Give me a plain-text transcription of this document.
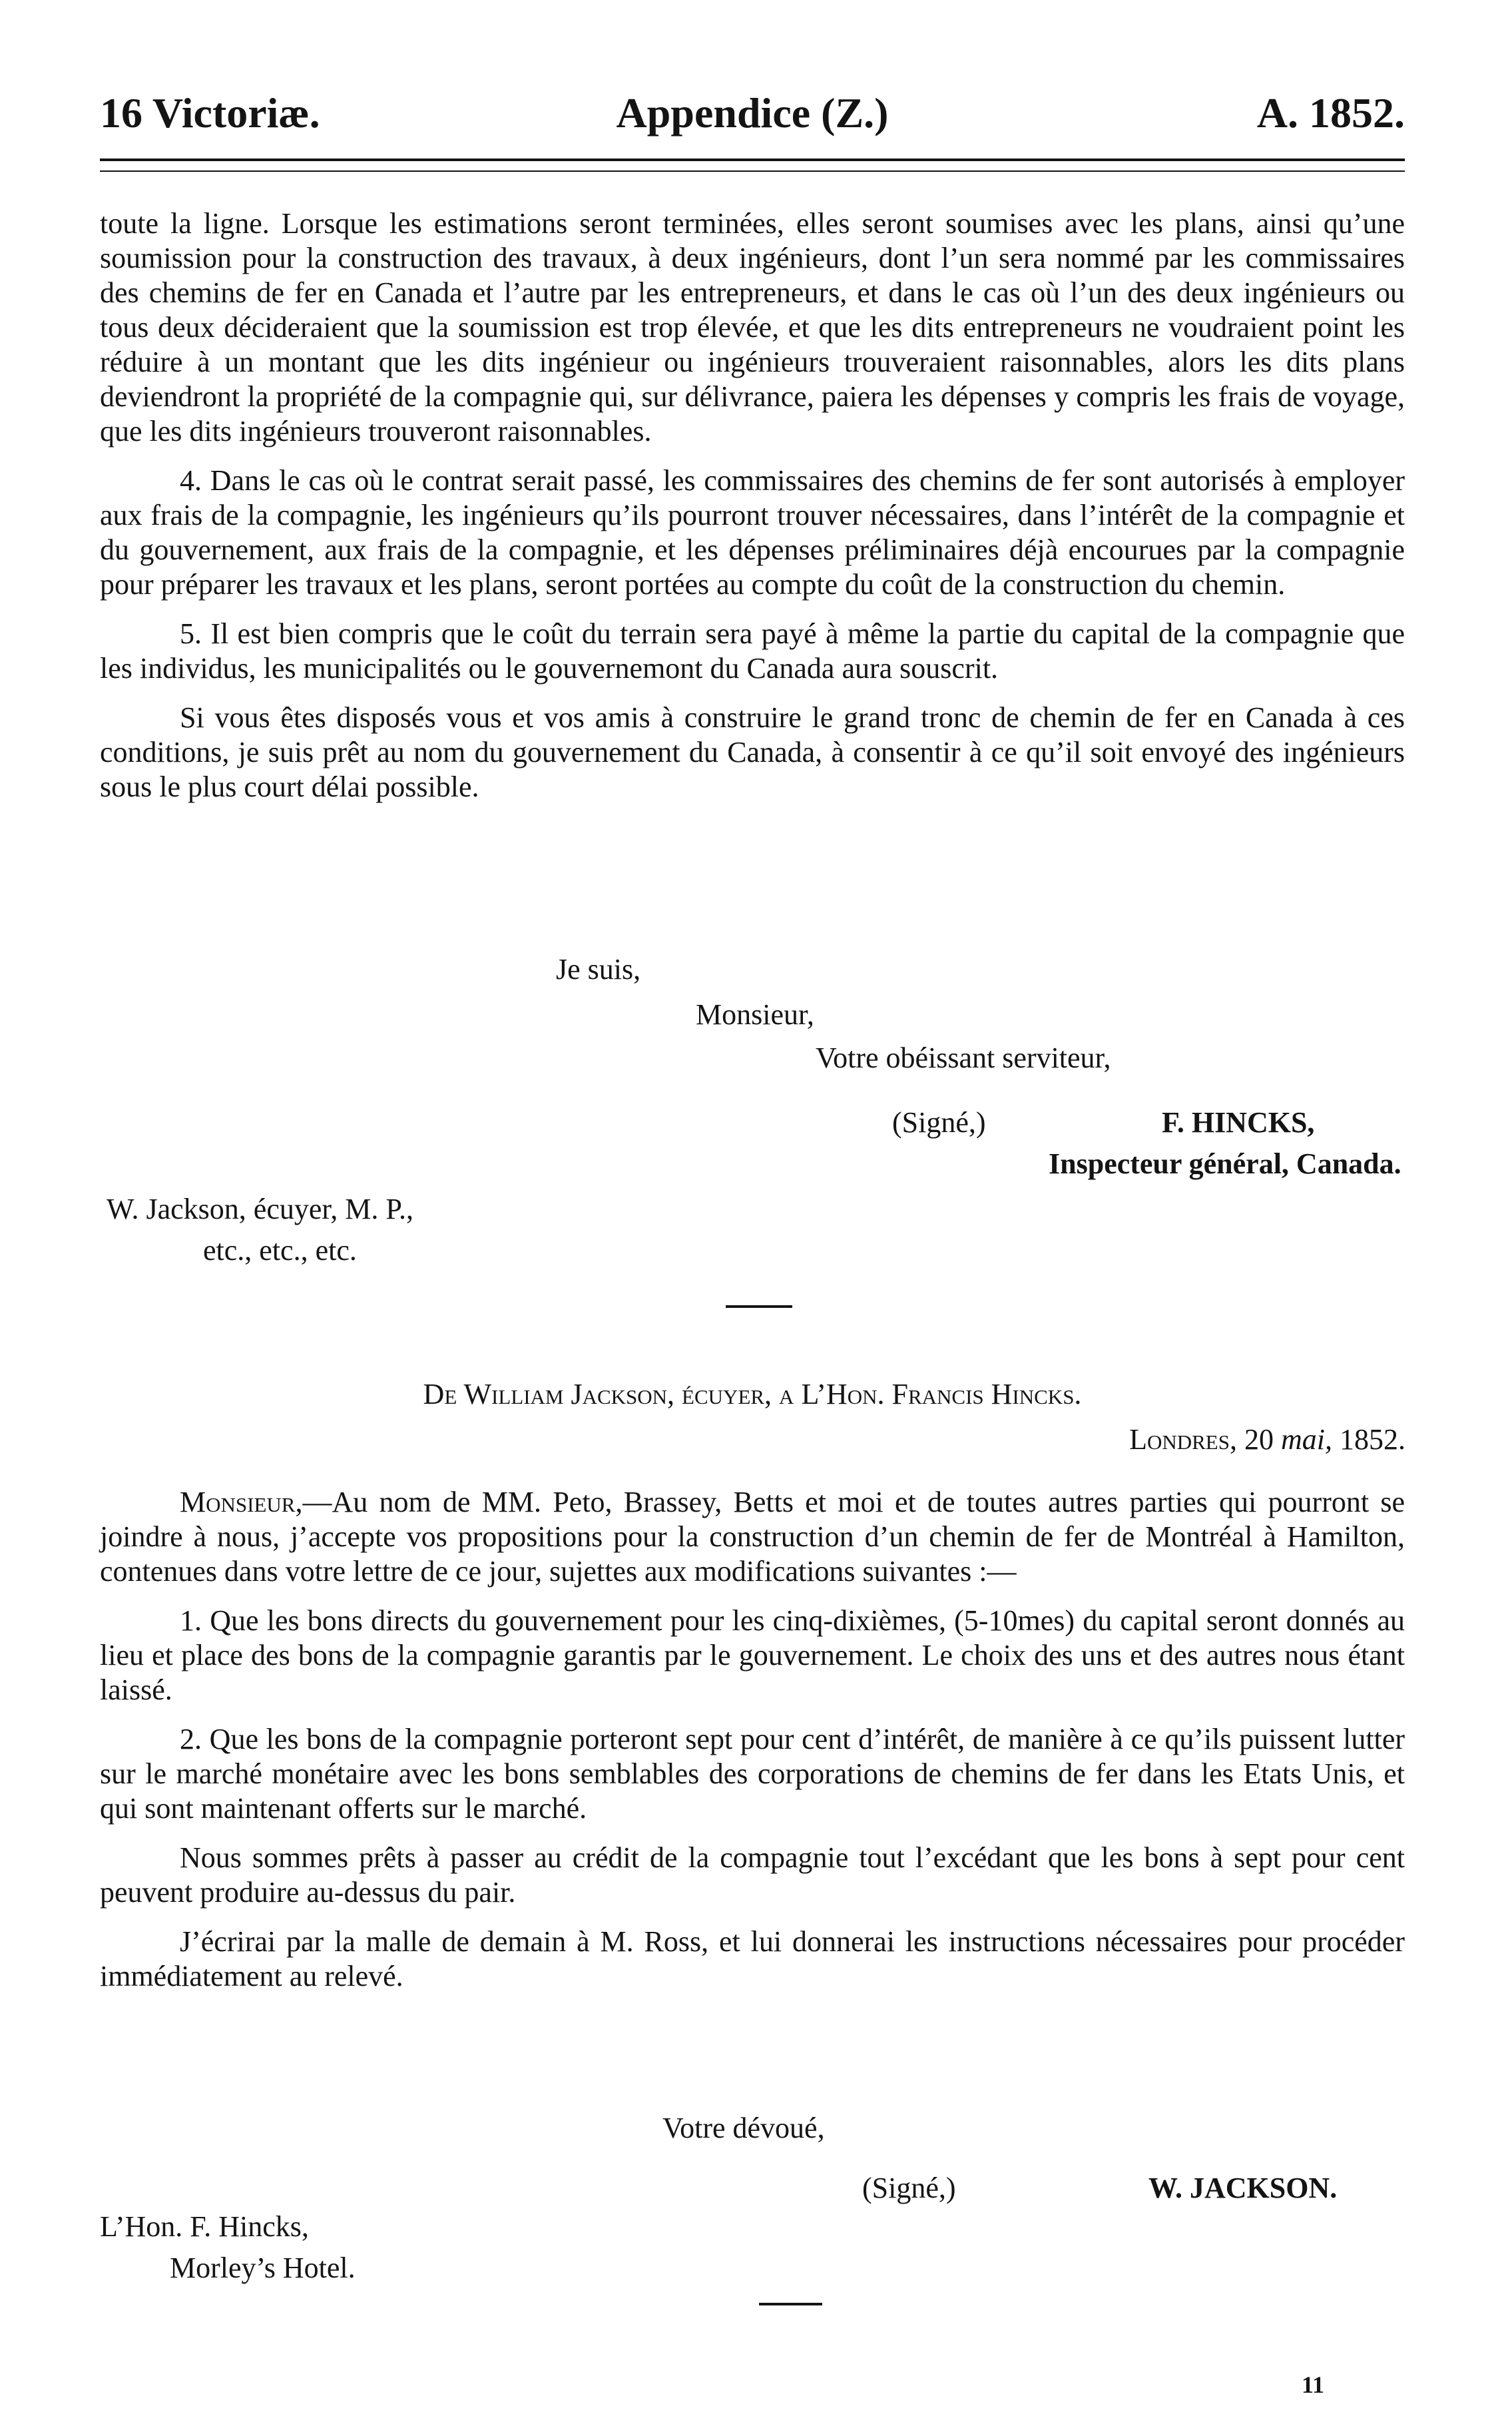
16 Victoriæ.	Appendice (Z.)	A. 1852.

toute la ligne. Lorsque les estimations seront terminées, elles seront soumises avec les plans, ainsi qu’une soumission pour la construction des travaux, à deux ingénieurs, dont l’un sera nommé par les commissaires des chemins de fer en Canada et l’autre par les entrepreneurs, et dans le cas où l’un des deux ingénieurs ou tous deux décideraient que la soumission est trop élevée, et que les dits entrepreneurs ne voudraient point les réduire à un montant que les dits ingénieur ou ingénieurs trouveraient raisonnables, alors les dits plans deviendront la propriété de la compagnie qui, sur délivrance, paiera les dépenses y compris les frais de voyage, que les dits ingénieurs trouveront raisonnables.

4. Dans le cas où le contrat serait passé, les commissaires des chemins de fer sont autorisés à employer aux frais de la compagnie, les ingénieurs qu’ils pourront trouver nécessaires, dans l’intérêt de la compagnie et du gouvernement, aux frais de la compagnie, et les dépenses préliminaires déjà encourues par la compagnie pour préparer les travaux et les plans, seront portées au compte du coût de la construction du chemin.

5. Il est bien compris que le coût du terrain sera payé à même la partie du capital de la compagnie que les individus, les municipalités ou le gouvernemont du Canada aura souscrit.

Si vous êtes disposés vous et vos amis à construire le grand tronc de chemin de fer en Canada à ces conditions, je suis prêt au nom du gouvernement du Canada, à consentir à ce qu’il soit envoyé des ingénieurs sous le plus court délai possible.

Je suis,
Monsieur,
Votre obéissant serviteur,
(Signé,)	F. HINCKS,
Inspecteur général, Canada.
W. Jackson, écuyer, M. P.,
etc., etc., etc.
De William Jackson, écuyer, a L’Hon. Francis Hincks.
Londres, 20 mai, 1852.

Monsieur,—Au nom de MM. Peto, Brassey, Betts et moi et de toutes autres parties qui pourront se joindre à nous, j’accepte vos propositions pour la construction d’un chemin de fer de Montréal à Hamilton, contenues dans votre lettre de ce jour, sujettes aux modifications suivantes :—

1. Que les bons directs du gouvernement pour les cinq-dixièmes, (5-10mes) du capital seront donnés au lieu et place des bons de la compagnie garantis par le gouvernement. Le choix des uns et des autres nous étant laissé.

2. Que les bons de la compagnie porteront sept pour cent d’intérêt, de manière à ce qu’ils puissent lutter sur le marché monétaire avec les bons semblables des corporations de chemins de fer dans les Etats Unis, et qui sont maintenant offerts sur le marché.

Nous sommes prêts à passer au crédit de la compagnie tout l’excédant que les bons à sept pour cent peuvent produire au-dessus du pair.

J’écrirai par la malle de demain à M. Ross, et lui donnerai les instructions nécessaires pour procéder immédiatement au relevé.

Votre dévoué,
(Signé,)	W. JACKSON.
L’Hon. F. Hincks,
Morley’s Hotel.
11
